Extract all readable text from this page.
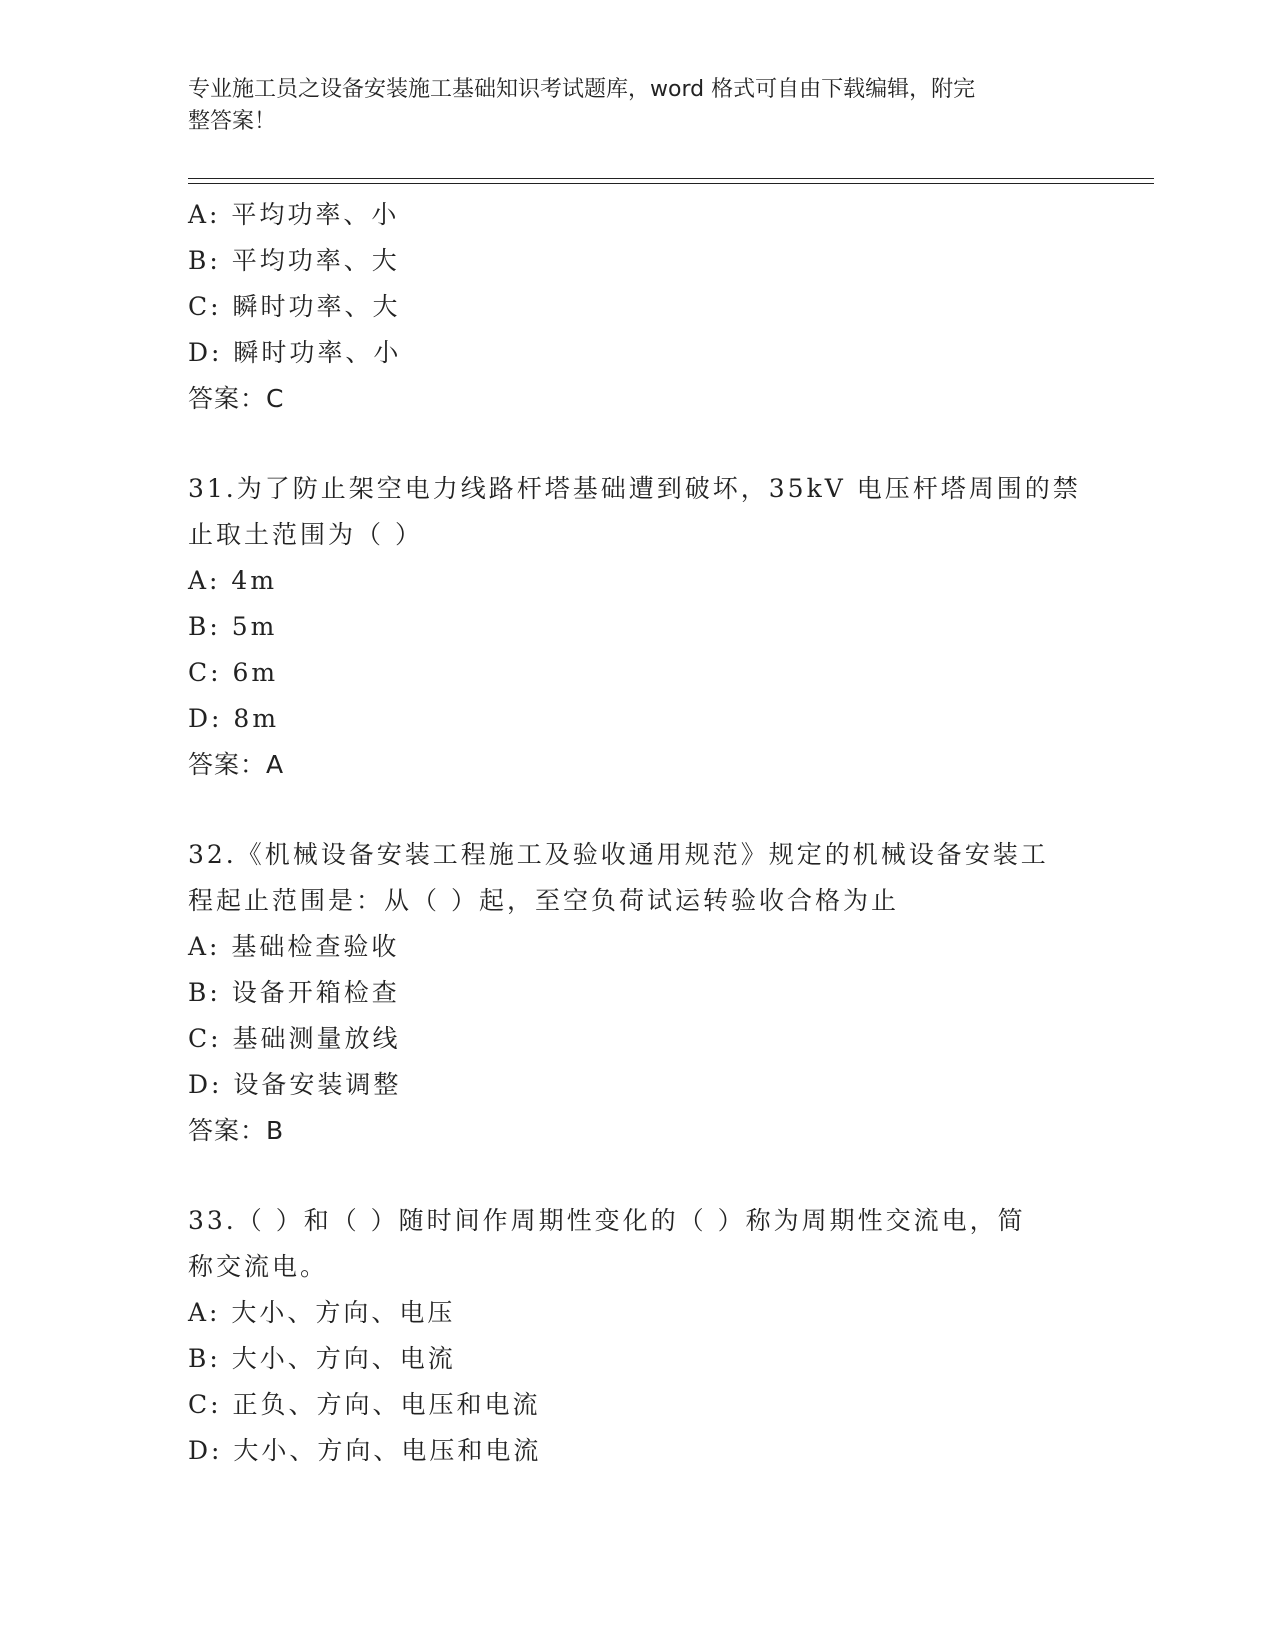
专业施工员之设备安装施工基础知识考试题库，word 格式可自由下载编辑，附完
整答案！
A: 平均功率、小
B: 平均功率、大
C: 瞬时功率、大
D: 瞬时功率、小
答案：C
31.为了防止架空电力线路杆塔基础遭到破坏，35kV 电压杆塔周围的禁
止取土范围为（ ）
A: 4m
B: 5m
C: 6m
D: 8m
答案：A
32.《机械设备安装工程施工及验收通用规范》规定的机械设备安装工
程起止范围是：从（ ）起，至空负荷试运转验收合格为止
A: 基础检查验收
B: 设备开箱检查
C: 基础测量放线
D: 设备安装调整
答案：B
33.（ ）和（ ）随时间作周期性变化的（ ）称为周期性交流电，简
称交流电。
A: 大小、方向、电压
B: 大小、方向、电流
C: 正负、方向、电压和电流
D: 大小、方向、电压和电流
